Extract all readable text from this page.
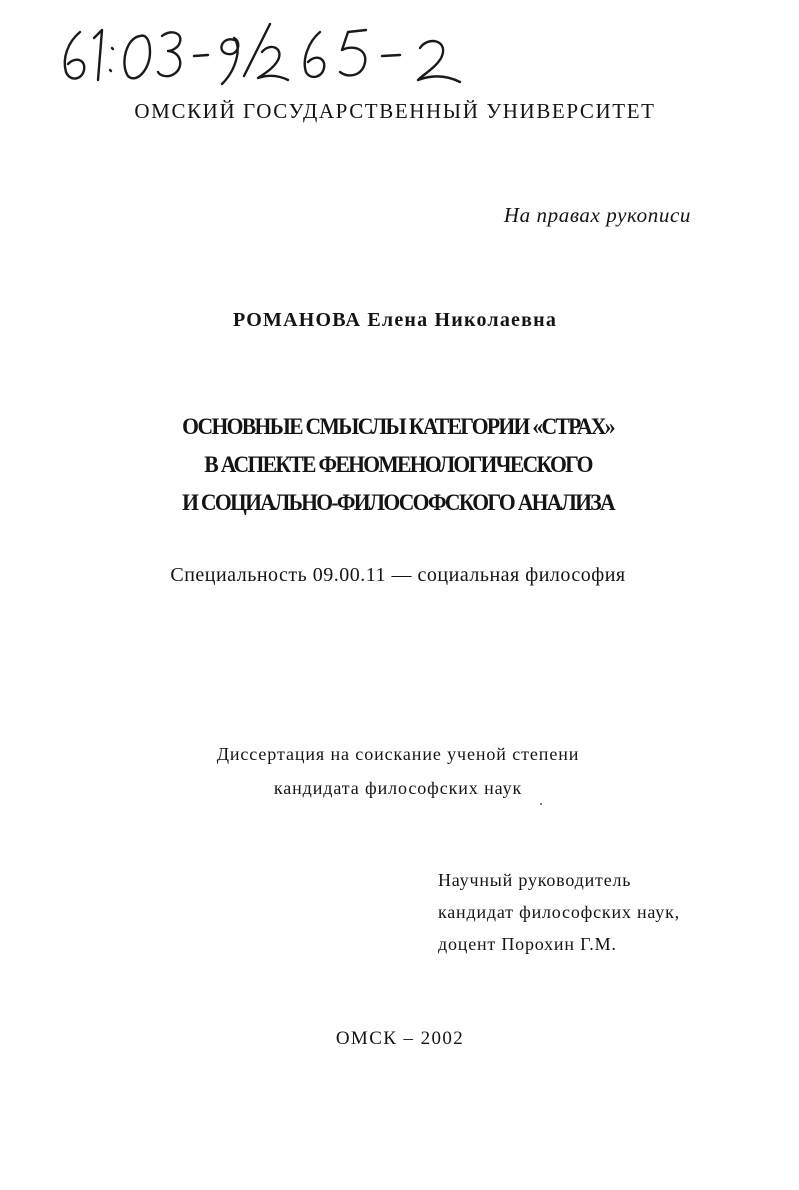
ОМСКИЙ ГОСУДАРСТВЕННЫЙ УНИВЕРСИТЕТ
На правах рукописи
РОМАНОВА Елена Николаевна
ОСНОВНЫЕ СМЫСЛЫ КАТЕГОРИИ «СТРАХ»
В АСПЕКТЕ ФЕНОМЕНОЛОГИЧЕСКОГО
И СОЦИАЛЬНО-ФИЛОСОФСКОГО АНАЛИЗА
Специальность 09.00.11 — социальная философия
Диссертация на соискание ученой степени
кандидата философских наук
Научный руководитель
кандидат философских наук,
доцент Порохин Г.М.
ОМСК – 2002
